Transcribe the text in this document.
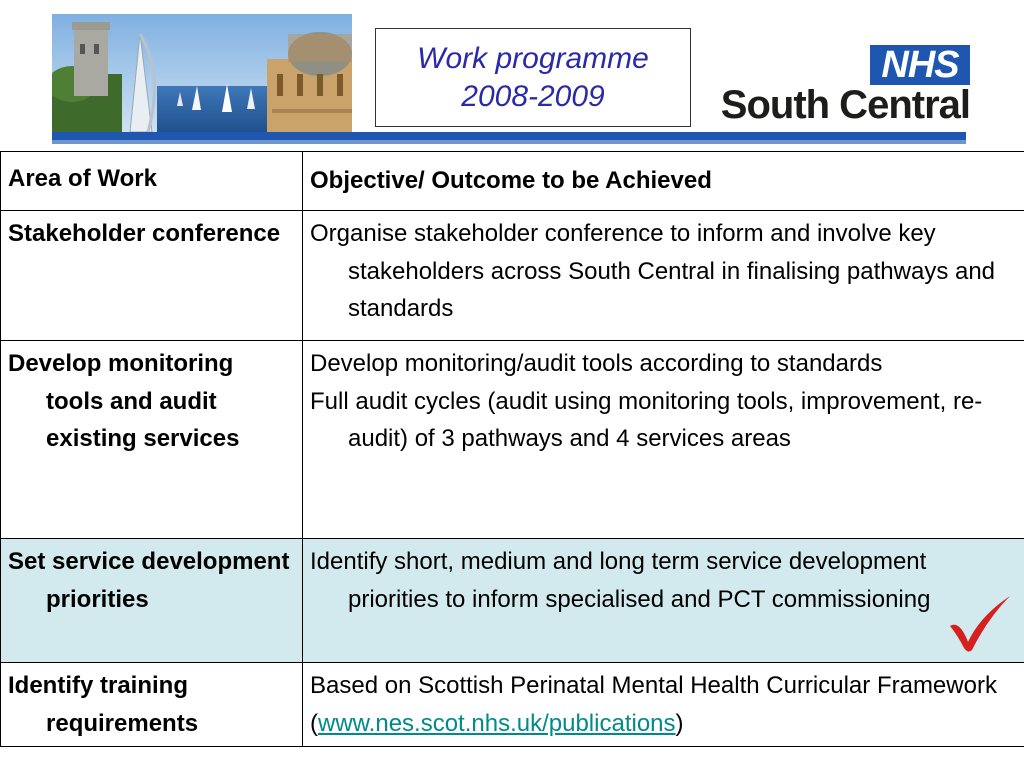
Work programme
2008-2009
NHS
South Central
Area of Work	Objective/ Outcome to be Achieved

Stakeholder conference	Organise stakeholder conference to inform and involve key stakeholders across South Central in finalising pathways and standards

Develop monitoring tools and audit existing services	Develop monitoring/audit tools according to standards
Full audit cycles (audit using monitoring tools, improvement, re-audit) of 3 pathways and 4 services areas

Set service development priorities	Identify short, medium and long term service development priorities to inform specialised and PCT commissioning

Identify training requirements	Based on Scottish Perinatal Mental Health Curricular Framework
(www.nes.scot.nhs.uk/publications)
